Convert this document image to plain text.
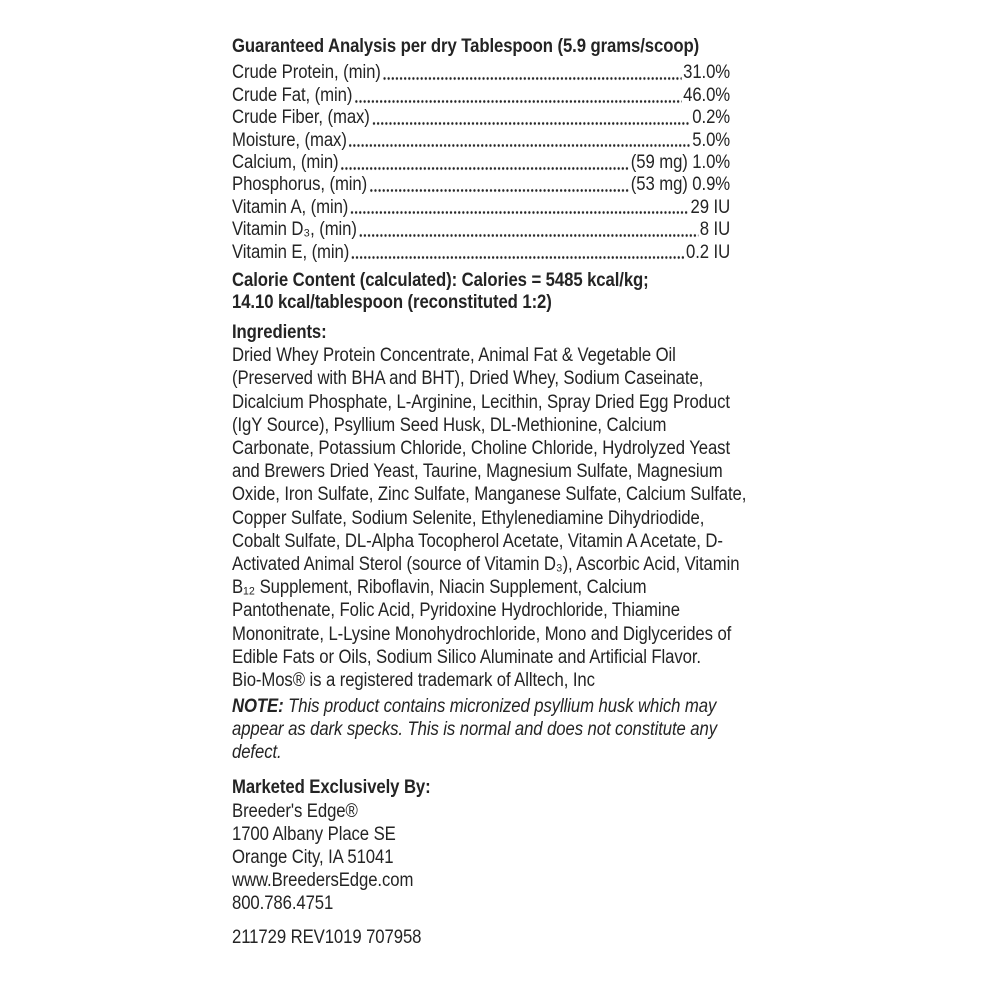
Guaranteed Analysis per dry Tablespoon (5.9 grams/scoop)
Crude Protein, (min)	31.0%
Crude Fat, (min)	46.0%
Crude Fiber, (max)	0.2%
Moisture, (max)	5.0%
Calcium, (min)	(59 mg) 1.0%
Phosphorus, (min)	(53 mg) 0.9%
Vitamin A, (min)	29 IU
Vitamin D₃, (min)	8 IU
Vitamin E, (min)	0.2 IU
Calorie Content (calculated): Calories = 5485 kcal/kg;
14.10 kcal/tablespoon (reconstituted 1:2)
Ingredients:

Dried Whey Protein Concentrate, Animal Fat & Vegetable Oil (Preserved with BHA and BHT), Dried Whey, Sodium Caseinate, Dicalcium Phosphate, L-Arginine, Lecithin, Spray Dried Egg Product (IgY Source), Psyllium Seed Husk, DL-Methionine, Calcium Carbonate, Potassium Chloride, Choline Chloride, Hydrolyzed Yeast and Brewers Dried Yeast, Taurine, Magnesium Sulfate, Magnesium Oxide, Iron Sulfate, Zinc Sulfate, Manganese Sulfate, Calcium Sulfate, Copper Sulfate, Sodium Selenite, Ethylenediamine Dihydriodide, Cobalt Sulfate, DL-Alpha Tocopherol Acetate, Vitamin A Acetate, D-Activated Animal Sterol (source of Vitamin D₃), Ascorbic Acid, Vitamin B₁₂ Supplement, Riboflavin, Niacin Supplement, Calcium Pantothenate, Folic Acid, Pyridoxine Hydrochloride, Thiamine Mononitrate, L-Lysine Monohydrochloride, Mono and Diglycerides of Edible Fats or Oils, Sodium Silico Aluminate and Artificial Flavor.

Bio-Mos® is a registered trademark of Alltech, Inc

NOTE: This product contains micronized psyllium husk which may appear as dark specks. This is normal and does not constitute any defect.

Marketed Exclusively By:
Breeder's Edge®
1700 Albany Place SE
Orange City, IA 51041
www.BreedersEdge.com
800.786.4751
211729 REV1019 707958
